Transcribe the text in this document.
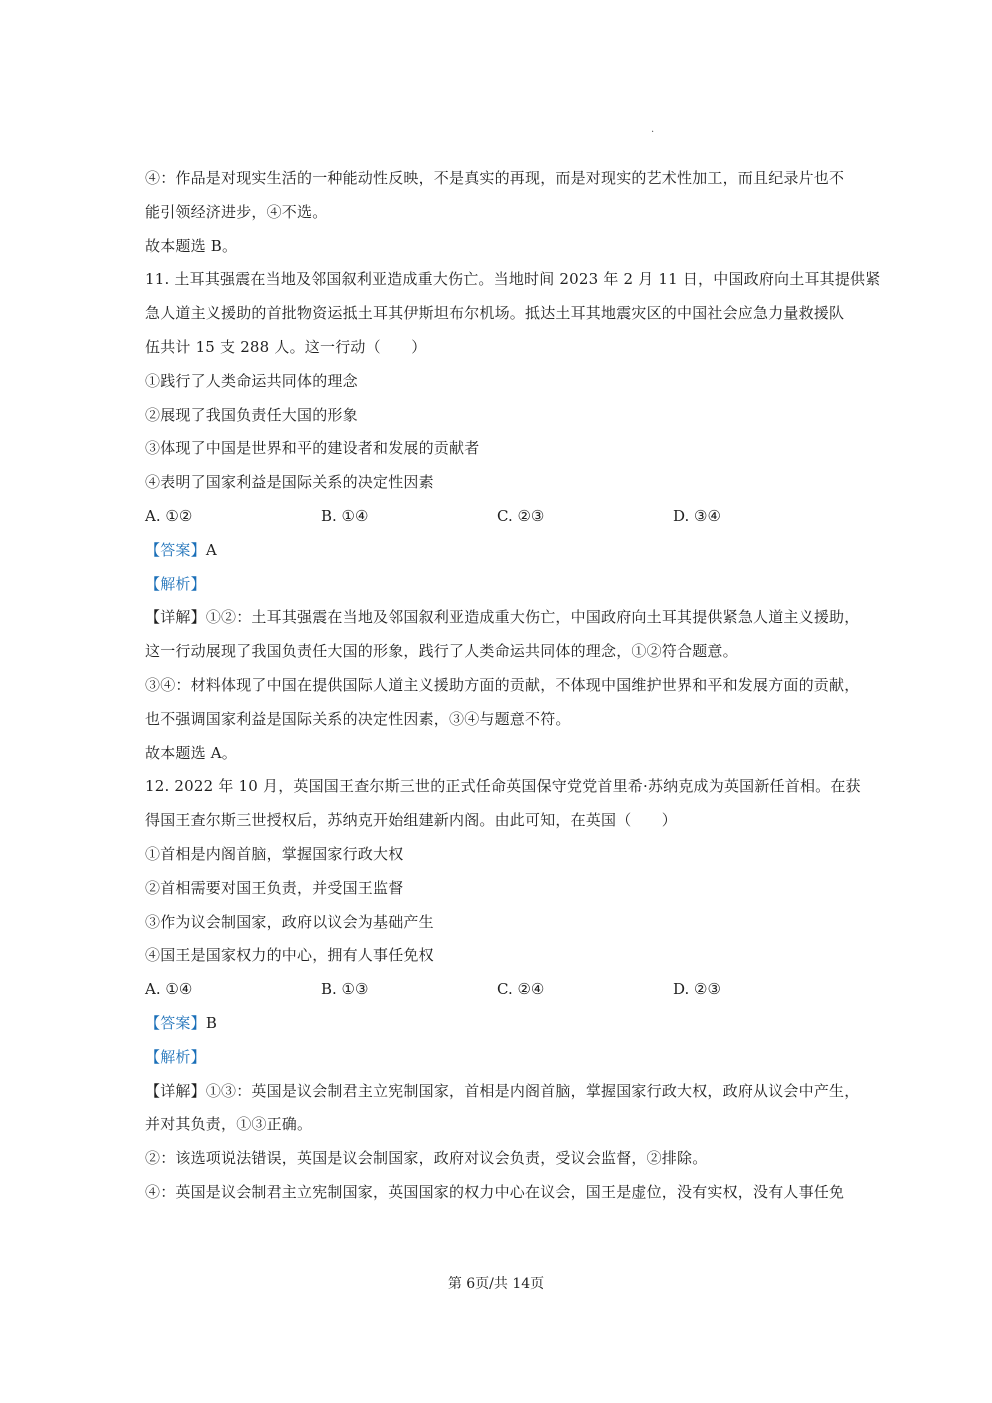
.
④：作品是对现实生活的一种能动性反映，不是真实的再现，而是对现实的艺术性加工，而且纪录片也不
能引领经济进步，④不选。
故本题选 B。
11. 土耳其强震在当地及邻国叙利亚造成重大伤亡。当地时间 2023 年 2 月 11 日，中国政府向土耳其提供紧
急人道主义援助的首批物资运抵土耳其伊斯坦布尔机场。抵达土耳其地震灾区的中国社会应急力量救援队
伍共计 15 支 288 人。这一行动（　　）
①践行了人类命运共同体的理念
②展现了我国负责任大国的形象
③体现了中国是世界和平的建设者和发展的贡献者
④表明了国家利益是国际关系的决定性因素
A. ①②	B. ①④	C. ②③	D. ③④
【答案】A
【解析】
【详解】①②：土耳其强震在当地及邻国叙利亚造成重大伤亡，中国政府向土耳其提供紧急人道主义援助，
这一行动展现了我国负责任大国的形象，践行了人类命运共同体的理念，①②符合题意。
③④：材料体现了中国在提供国际人道主义援助方面的贡献，不体现中国维护世界和平和发展方面的贡献，
也不强调国家利益是国际关系的决定性因素，③④与题意不符。
故本题选 A。
12. 2022 年 10 月，英国国王查尔斯三世的正式任命英国保守党党首里希·苏纳克成为英国新任首相。在获
得国王查尔斯三世授权后，苏纳克开始组建新内阁。由此可知，在英国（　　）
①首相是内阁首脑，掌握国家行政大权
②首相需要对国王负责，并受国王监督
③作为议会制国家，政府以议会为基础产生
④国王是国家权力的中心，拥有人事任免权
A. ①④	B. ①③	C. ②④	D. ②③
【答案】B
【解析】
【详解】①③：英国是议会制君主立宪制国家，首相是内阁首脑，掌握国家行政大权，政府从议会中产生，
并对其负责，①③正确。
②：该选项说法错误，英国是议会制国家，政府对议会负责，受议会监督，②排除。
④：英国是议会制君主立宪制国家，英国国家的权力中心在议会，国王是虚位，没有实权，没有人事任免
第 6页/共 14页
